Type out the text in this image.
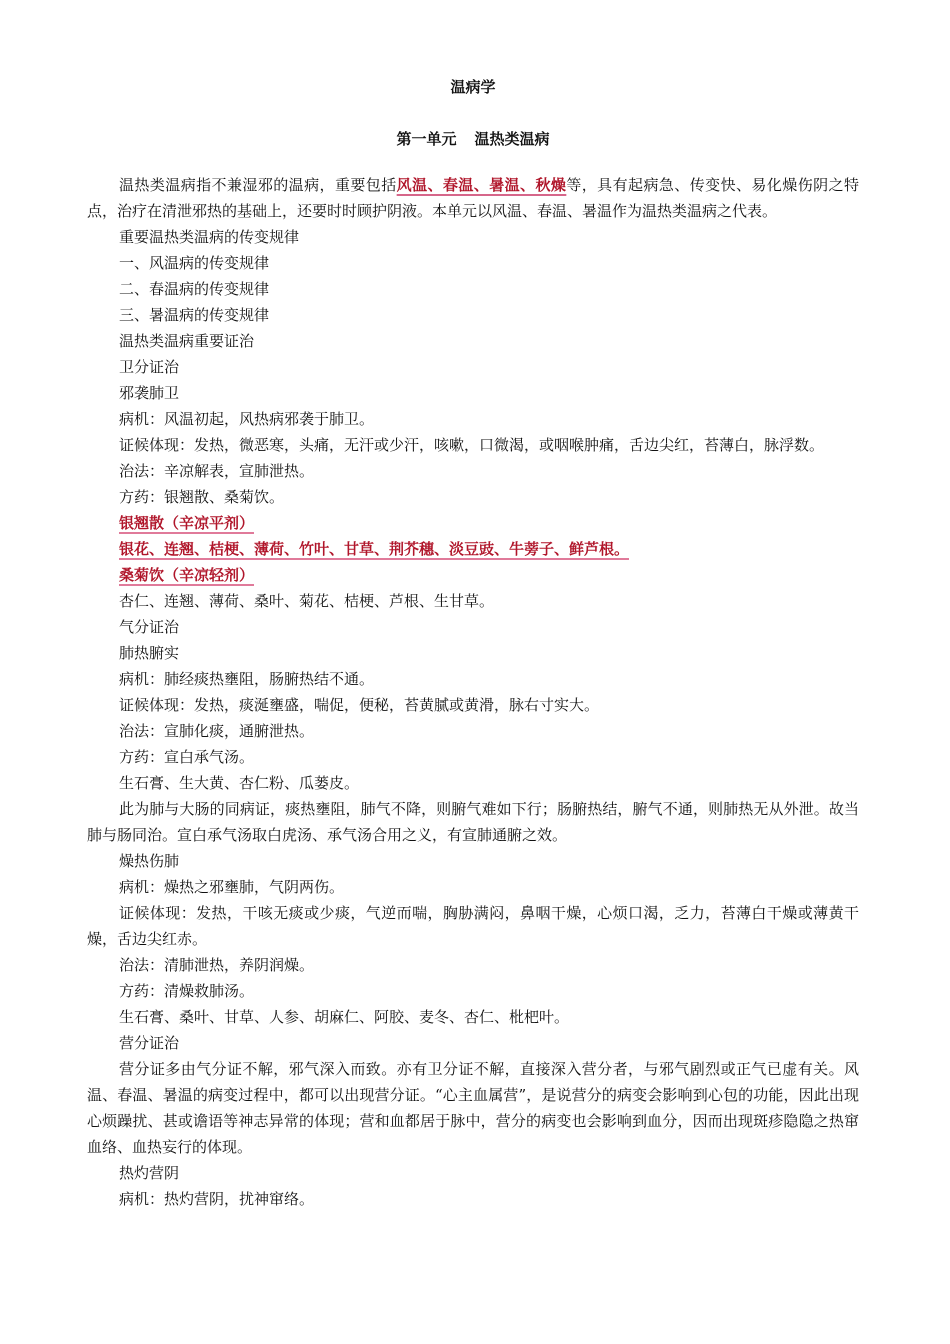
温病学
第一单元 温热类温病

温热类温病指不兼湿邪的温病，重要包括风温、春温、暑温、秋燥等，具有起病急、传变快、易化燥伤阴之特点，治疗在清泄邪热的基础上，还要时时顾护阴液。本单元以风温、春温、暑温作为温热类温病之代表。

重要温热类温病的传变规律

一、风温病的传变规律

二、春温病的传变规律

三、暑温病的传变规律

温热类温病重要证治

卫分证治

邪袭肺卫

病机：风温初起，风热病邪袭于肺卫。

证候体现：发热，微恶寒，头痛，无汗或少汗，咳嗽，口微渴，或咽喉肿痛，舌边尖红，苔薄白，脉浮数。

治法：辛凉解表，宣肺泄热。

方药：银翘散、桑菊饮。

银翘散（辛凉平剂）

银花、连翘、桔梗、薄荷、竹叶、甘草、荆芥穗、淡豆豉、牛蒡子、鲜芦根。

桑菊饮（辛凉轻剂）

杏仁、连翘、薄荷、桑叶、菊花、桔梗、芦根、生甘草。

气分证治

肺热腑实

病机：肺经痰热壅阻，肠腑热结不通。

证候体现：发热，痰涎壅盛，喘促，便秘，苔黄腻或黄滑，脉右寸实大。

治法：宣肺化痰，通腑泄热。

方药：宣白承气汤。

生石膏、生大黄、杏仁粉、瓜蒌皮。

此为肺与大肠的同病证，痰热壅阻，肺气不降，则腑气难如下行；肠腑热结，腑气不通，则肺热无从外泄。故当肺与肠同治。宣白承气汤取白虎汤、承气汤合用之义，有宣肺通腑之效。

燥热伤肺

病机：燥热之邪壅肺，气阴两伤。

证候体现：发热，干咳无痰或少痰，气逆而喘，胸胁满闷，鼻咽干燥，心烦口渴，乏力，苔薄白干燥或薄黄干燥，舌边尖红赤。

治法：清肺泄热，养阴润燥。

方药：清燥救肺汤。

生石膏、桑叶、甘草、人参、胡麻仁、阿胶、麦冬、杏仁、枇杷叶。

营分证治

营分证多由气分证不解，邪气深入而致。亦有卫分证不解，直接深入营分者，与邪气剧烈或正气已虚有关。风温、春温、暑温的病变过程中，都可以出现营分证。“心主血属营”，是说营分的病变会影响到心包的功能，因此出现心烦躁扰、甚或谵语等神志异常的体现；营和血都居于脉中，营分的病变也会影响到血分，因而出现斑疹隐隐之热窜血络、血热妄行的体现。

热灼营阴

病机：热灼营阴，扰神窜络。
